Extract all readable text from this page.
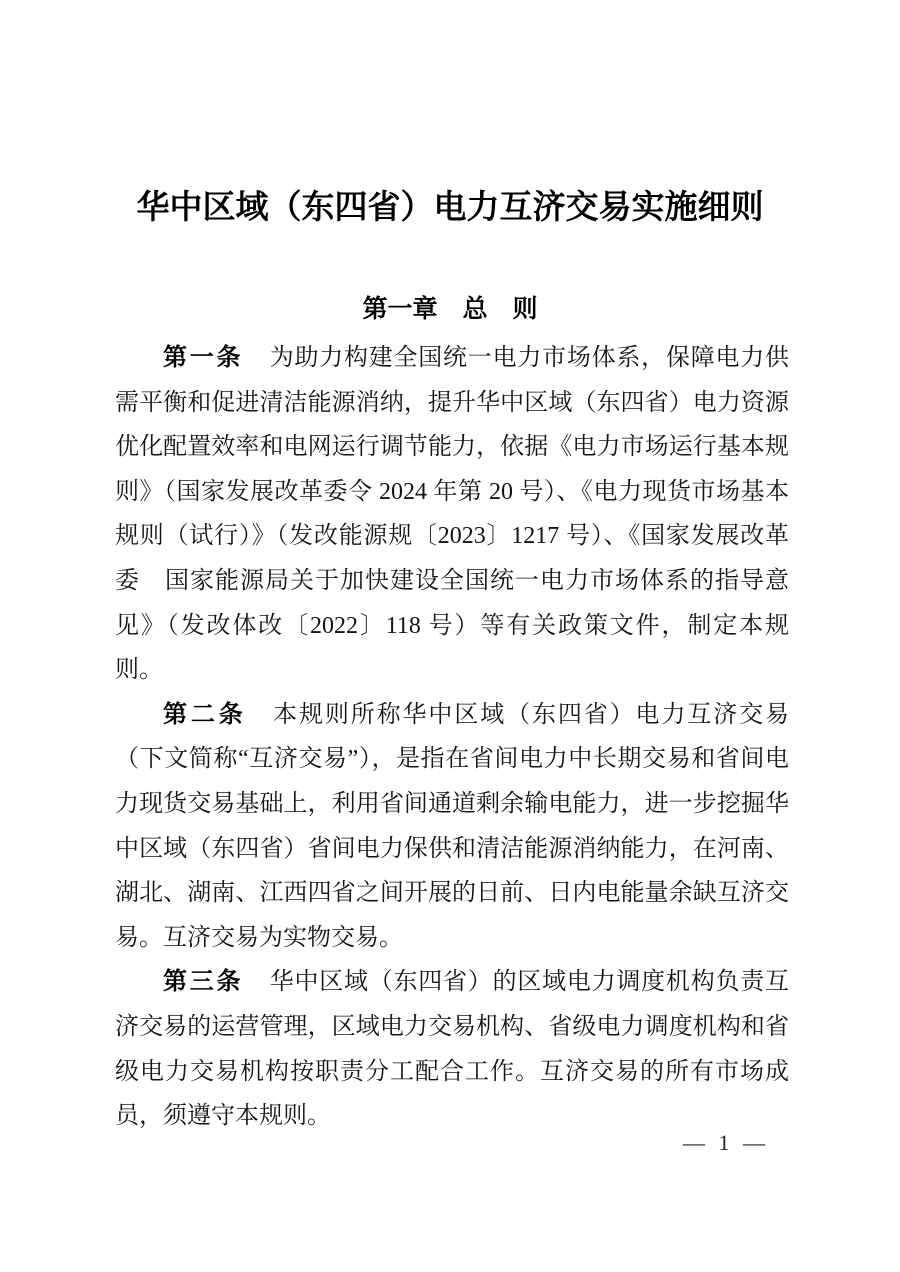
华中区域（东四省）电力互济交易实施细则
第一章　总　则

第一条 为助力构建全国统一电力市场体系，保障电力供需平衡和促进清洁能源消纳，提升华中区域（东四省）电力资源优化配置效率和电网运行调节能力，依据《电力市场运行基本规则》（国家发展改革委令 2024 年第 20 号）、《电力现货市场基本规则（试行）》（发改能源规〔2023〕1217 号）、《国家发展改革委　国家能源局关于加快建设全国统一电力市场体系的指导意见》（发改体改〔2022〕118 号）等有关政策文件，制定本规则。

第二条 本规则所称华中区域（东四省）电力互济交易（下文简称“互济交易”），是指在省间电力中长期交易和省间电力现货交易基础上，利用省间通道剩余输电能力，进一步挖掘华中区域（东四省）省间电力保供和清洁能源消纳能力，在河南、湖北、湖南、江西四省之间开展的日前、日内电能量余缺互济交易。互济交易为实物交易。

第三条 华中区域（东四省）的区域电力调度机构负责互济交易的运营管理，区域电力交易机构、省级电力调度机构和省级电力交易机构按职责分工配合工作。互济交易的所有市场成员，须遵守本规则。

— 1 —
